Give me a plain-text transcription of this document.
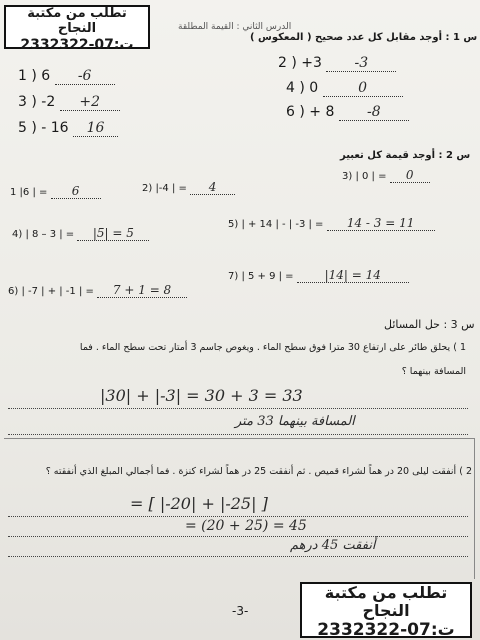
تطلب من مكتبة النجاح
ت:07-2332322
الدرس الثاني : القيمة المطلقة
س 1 : أوجد مقابل كل عدد صحيح ( المعكوس )
1 ) 6 -6
2 ) +3 -3
3 ) -2 +2
4 ) 0	0
5 ) - 16 16
6 ) + 8 -8
س 2 : أوجد قيمة كل تعبير
1 |6 | = 6	2) |-4 | = 4
3) | 0 | = 0
4) | 8 – 3 | = |5| = 5
5) | + 14 | - | -3 | = 14 - 3 = 11
6) | -7 | + | -1 | = 7 + 1 = 8
7) | 5 + 9 | =	|14| = 14
س 3 : حل المسائل
1 ) يحلق طائر على ارتفاع 30 مترا فوق سطح الماء . ويغوص جاسم 3 أمتار تحت سطح الماء . فما
المسافة بينهما ؟
|30| + |-3| = 30 + 3 = 33
المسافة بينهما 33 متر
2 ) أنفقت ليلى 20 در هماً لشراء قميص . ثم أنفقت 25 در هماً لشراء كنزة . فما أجمالي المبلغ الذي أنفقته ؟
= [ |-20| + |-25| ]
= (20 + 25) = 45
أنفقت 45 درهم
تطلب من مكتبة النجاح
ت:07-2332322
-3-
